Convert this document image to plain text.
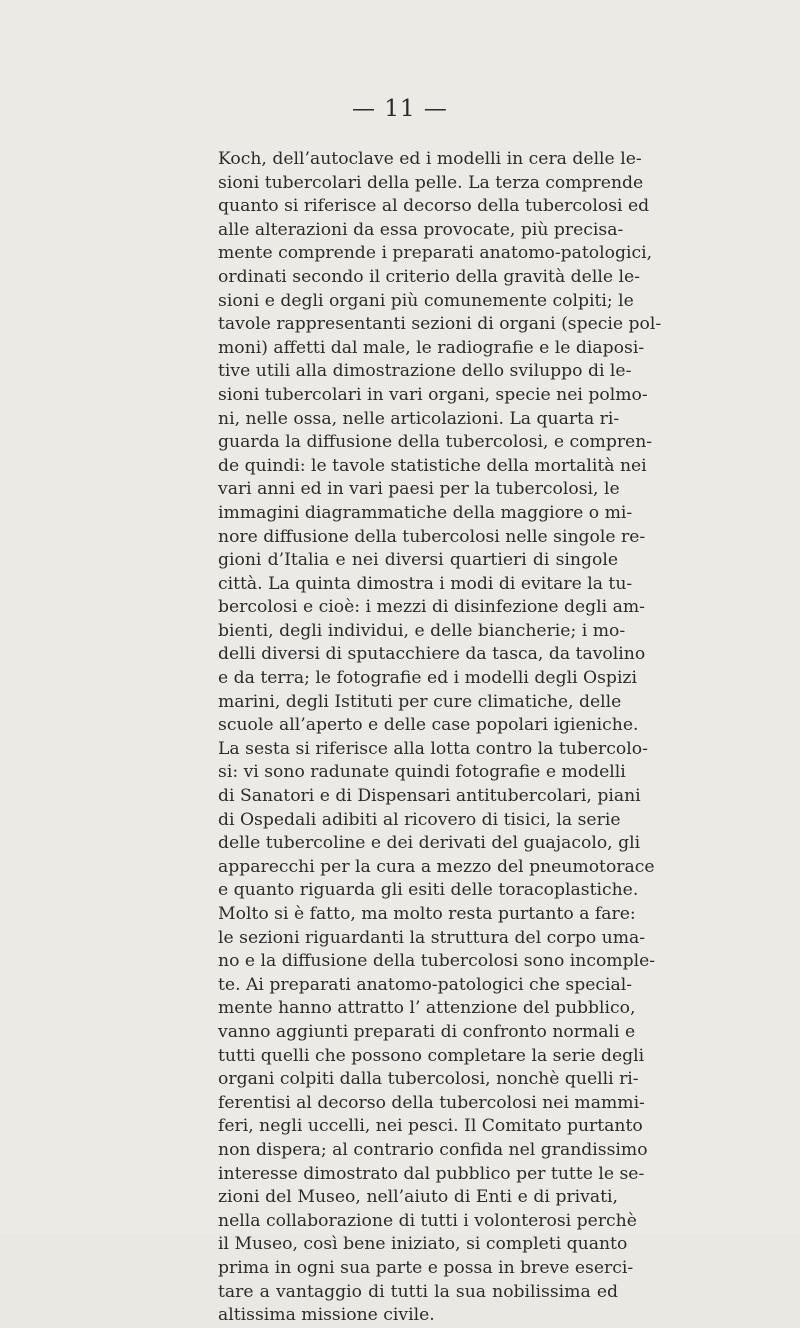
— 11 —
Koch, dell’autoclave ed i modelli in cera delle le-
sioni tubercolari della pelle. La terza comprende
quanto si riferisce al decorso della tubercolosi ed
alle alterazioni da essa provocate, più precisa-
mente comprende i preparati anatomo-patologici,
ordinati secondo il criterio della gravità delle le-
sioni e degli organi più comunemente colpiti; le
tavole rappresentanti sezioni di organi (specie pol-
moni) affetti dal male, le radiografie e le diaposi-
tive utili alla dimostrazione dello sviluppo di le-
sioni tubercolari in vari organi, specie nei polmo-
ni, nelle ossa, nelle articolazioni. La quarta ri-
guarda la diffusione della tubercolosi, e compren-
de quindi: le tavole statistiche della mortalità nei
vari anni ed in vari paesi per la tubercolosi, le
immagini diagrammatiche della maggiore o mi-
nore diffusione della tubercolosi nelle singole re-
gioni d’Italia e nei diversi quartieri di singole
città. La quinta dimostra i modi di evitare la tu-
bercolosi e cioè: i mezzi di disinfezione degli am-
bienti, degli individui, e delle biancherie; i mo-
delli diversi di sputacchiere da tasca, da tavolino
e da terra; le fotografie ed i modelli degli Ospizi
marini, degli Istituti per cure climatiche, delle
scuole all’aperto e delle case popolari igieniche.
La sesta si riferisce alla lotta contro la tubercolo-
si: vi sono radunate quindi fotografie e modelli
di Sanatori e di Dispensari antitubercolari, piani
di Ospedali adibiti al ricovero di tisici, la serie
delle tubercoline e dei derivati del guajacolo, gli
apparecchi per la cura a mezzo del pneumotorace
e quanto riguarda gli esiti delle toracoplastiche.
Molto si è fatto, ma molto resta purtanto a fare:
le sezioni riguardanti la struttura del corpo uma-
no e la diffusione della tubercolosi sono incomple-
te. Ai preparati anatomo-patologici che special-
mente hanno attratto l’ attenzione del pubblico,
vanno aggiunti preparati di confronto normali e
tutti quelli che possono completare la serie degli
organi colpiti dalla tubercolosi, nonchè quelli ri-
ferentisi al decorso della tubercolosi nei mammi-
feri, negli uccelli, nei pesci. Il Comitato purtanto
non dispera; al contrario confida nel grandissimo
interesse dimostrato dal pubblico per tutte le se-
zioni del Museo, nell’aiuto di Enti e di privati,
nella collaborazione di tutti i volonterosi perchè
il Museo, così bene iniziato, si completi quanto
prima in ogni sua parte e possa in breve eserci-
tare a vantaggio di tutti la sua nobilissima ed
altissima missione civile.
